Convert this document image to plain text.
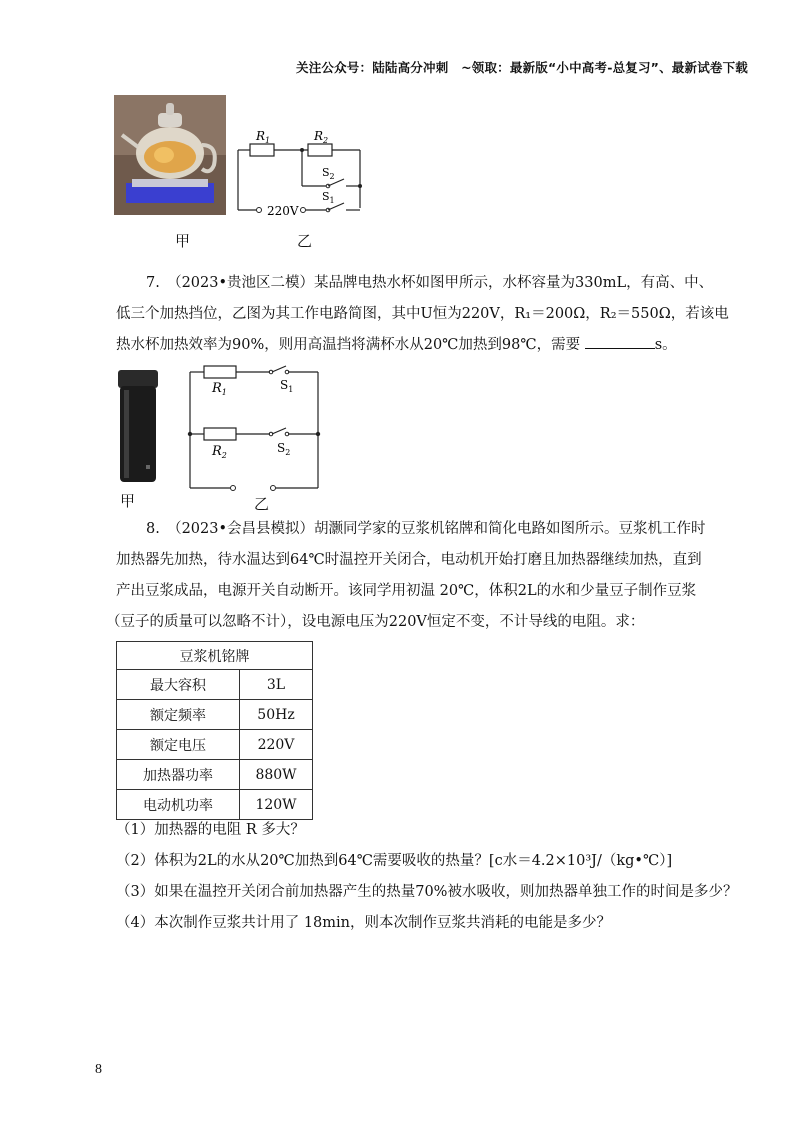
关注公众号：陆陆高分冲刺　~领取：最新版“小中高考-总复习”、最新试卷下载
甲
$R_1$	$R_2$
$S_2$
$S_1$
220V
乙
7.　（2023•贵池区二模）某品牌电热水杯如图甲所示，水杯容量为330mL，有高、中、
低三个加热挡位，乙图为其工作电路简图，其中U恒为220V，R₁＝200Ω，R₂＝550Ω，若该电
热水杯加热效率为90%，则用高温挡将满杯水从20℃加热到98℃，需要	s。
甲
$R_1$
$S_1$
$R_2$
$S_2$
乙
8.　（2023•会昌县模拟）胡灏同学家的豆浆机铭牌和简化电路如图所示。豆浆机工作时
加热器先加热，待水温达到64℃时温控开关闭合，电动机开始打磨且加热器继续加热，直到
产出豆浆成品，电源开关自动断开。该同学用初温 20℃，体积2L的水和少量豆子制作豆浆
（豆子的质量可以忽略不计），设电源电压为220V恒定不变，不计导线的电阻。求：
豆浆机铭牌	
最大容积	3L
额定频率	50Hz
额定电压	220V
加热器功率	880W
电动机功率	120W
（1）加热器的电阻 R 多大？
（2）体积为2L的水从20℃加热到64℃需要吸收的热量？[c水＝4.2×10³J/（kg•℃）]
（3）如果在温控开关闭合前加热器产生的热量70%被水吸收，则加热器单独工作的时间是多少？
（4）本次制作豆浆共计用了 18min，则本次制作豆浆共消耗的电能是多少？
8
